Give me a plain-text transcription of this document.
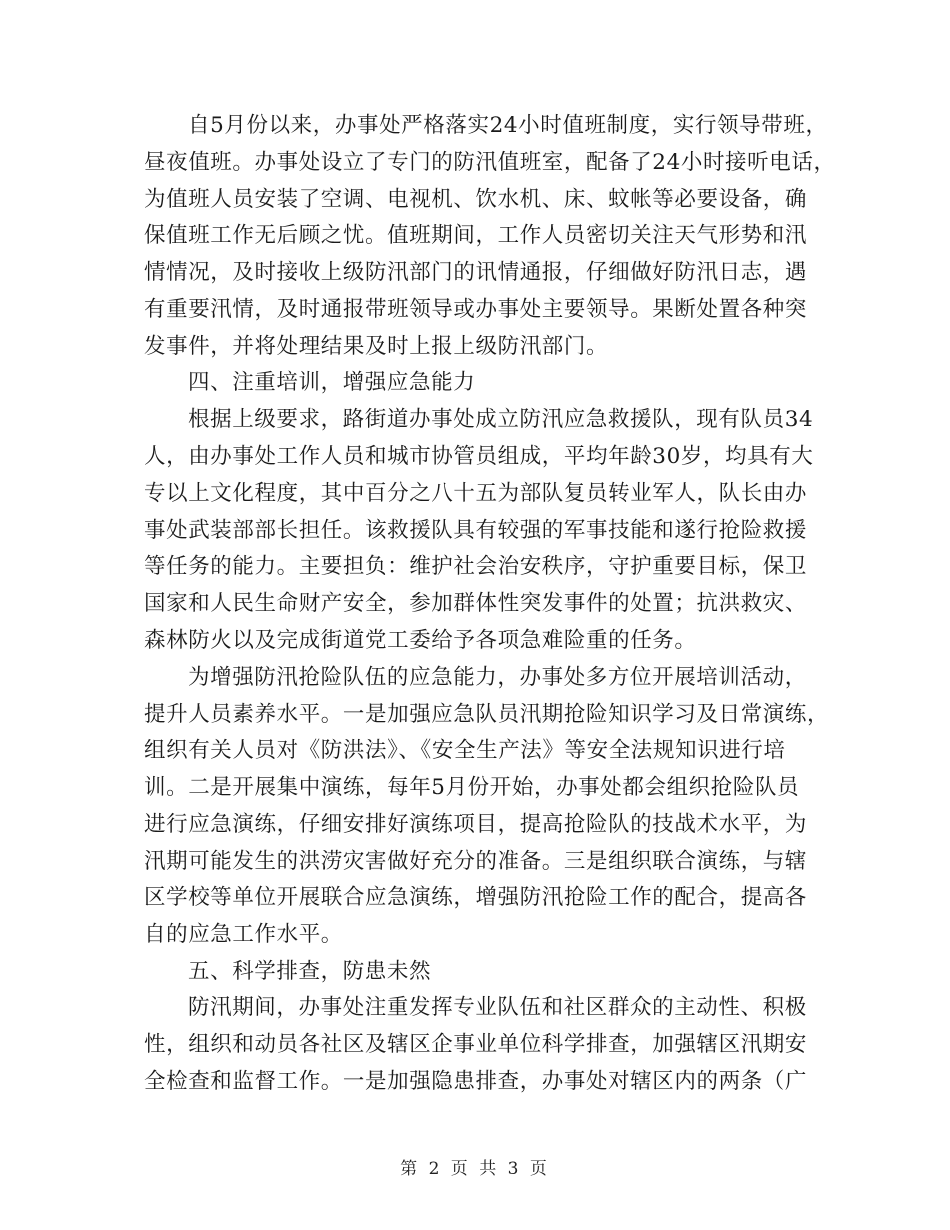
自5月份以来，办事处严格落实24小时值班制度，实行领导带班，
昼夜值班。办事处设立了专门的防汛值班室，配备了24小时接听电话，
为值班人员安装了空调、电视机、饮水机、床、蚊帐等必要设备，确
保值班工作无后顾之忧。值班期间，工作人员密切关注天气形势和汛
情情况，及时接收上级防汛部门的讯情通报，仔细做好防汛日志，遇
有重要汛情，及时通报带班领导或办事处主要领导。果断处置各种突
发事件，并将处理结果及时上报上级防汛部门。
四、注重培训，增强应急能力
根据上级要求，路街道办事处成立防汛应急救援队，现有队员34
人，由办事处工作人员和城市协管员组成，平均年龄30岁，均具有大
专以上文化程度，其中百分之八十五为部队复员转业军人，队长由办
事处武装部部长担任。该救援队具有较强的军事技能和遂行抢险救援
等任务的能力。主要担负：维护社会治安秩序，守护重要目标，保卫
国家和人民生命财产安全，参加群体性突发事件的处置；抗洪救灾、
森林防火以及完成街道党工委给予各项急难险重的任务。
为增强防汛抢险队伍的应急能力，办事处多方位开展培训活动，
提升人员素养水平。一是加强应急队员汛期抢险知识学习及日常演练，
组织有关人员对《防洪法》、《安全生产法》等安全法规知识进行培
训。二是开展集中演练，每年5月份开始，办事处都会组织抢险队员
进行应急演练，仔细安排好演练项目，提高抢险队的技战术水平，为
汛期可能发生的洪涝灾害做好充分的准备。三是组织联合演练，与辖
区学校等单位开展联合应急演练，增强防汛抢险工作的配合，提高各
自的应急工作水平。
五、科学排查，防患未然
防汛期间，办事处注重发挥专业队伍和社区群众的主动性、积极
性，组织和动员各社区及辖区企事业单位科学排查，加强辖区汛期安
全检查和监督工作。一是加强隐患排查，办事处对辖区内的两条（广
第 2 页 共 3 页
